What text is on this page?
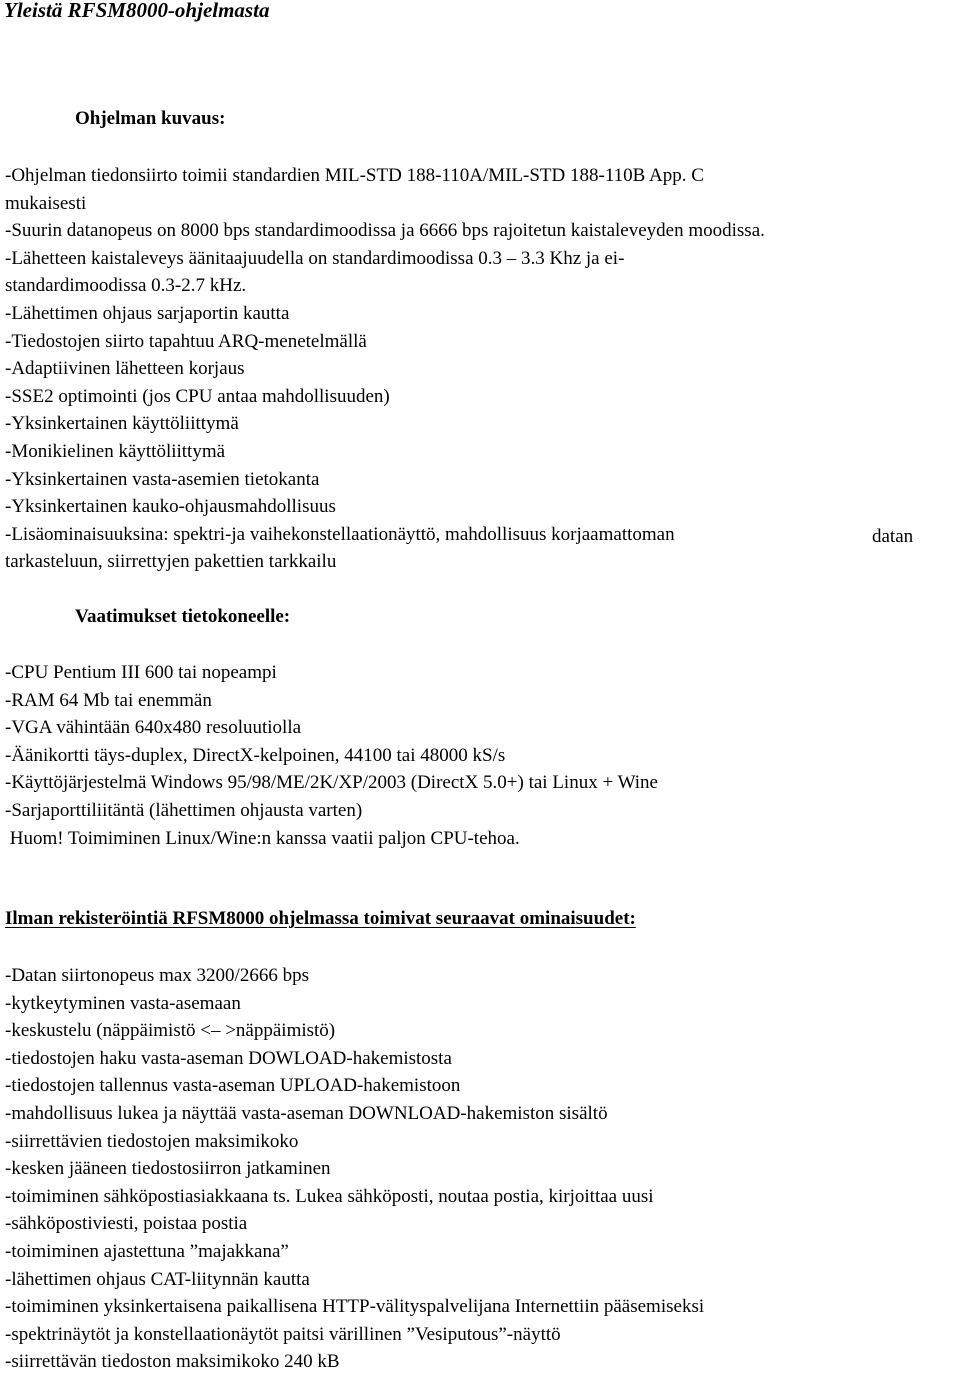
Yleistä RFSM8000-ohjelmasta
Ohjelman kuvaus:
-Ohjelman tiedonsiirto toimii standardien MIL-STD 188-110A/MIL-STD 188-110B App. C
mukaisesti
-Suurin datanopeus on 8000 bps standardimoodissa ja 6666 bps rajoitetun kaistaleveyden moodissa.
-Lähetteen kaistaleveys äänitaajuudella on standardimoodissa 0.3 – 3.3 Khz ja ei-
standardimoodissa 0.3-2.7 kHz.
-Lähettimen ohjaus sarjaportin kautta
-Tiedostojen siirto tapahtuu ARQ-menetelmällä
-Adaptiivinen lähetteen korjaus
-SSE2 optimointi (jos CPU antaa mahdollisuuden)
-Yksinkertainen käyttöliittymä
-Monikielinen käyttöliittymä
-Yksinkertainen vasta-asemien tietokanta
-Yksinkertainen kauko-ohjausmahdollisuus
-Lisäominaisuuksina: spektri-ja vaihekonstellaationäyttö, mahdollisuus korjaamattoman
tarkasteluun, siirrettyjen pakettien tarkkailu
datan
Vaatimukset tietokoneelle:
-CPU Pentium III 600 tai nopeampi
-RAM 64 Mb tai enemmän
-VGA vähintään 640x480 resoluutiolla
-Äänikortti täys-duplex, DirectX-kelpoinen, 44100 tai 48000 kS/s
-Käyttöjärjestelmä Windows 95/98/ME/2K/XP/2003 (DirectX 5.0+) tai Linux + Wine
-Sarjaporttiliitäntä (lähettimen ohjausta varten)
Huom! Toimiminen Linux/Wine:n kanssa vaatii paljon CPU-tehoa.
Ilman rekisteröintiä RFSM8000 ohjelmassa toimivat seuraavat ominaisuudet:
-Datan siirtonopeus max 3200/2666 bps
-kytkeytyminen vasta-asemaan
-keskustelu (näppäimistö <– >näppäimistö)
-tiedostojen haku vasta-aseman DOWLOAD-hakemistosta
-tiedostojen tallennus vasta-aseman UPLOAD-hakemistoon
-mahdollisuus lukea ja näyttää vasta-aseman DOWNLOAD-hakemiston sisältö
-siirrettävien tiedostojen maksimikoko
-kesken jääneen tiedostosiirron jatkaminen
-toimiminen sähköpostiasiakkaana ts. Lukea sähköposti, noutaa postia, kirjoittaa uusi
-sähköpostiviesti, poistaa postia
-toimiminen ajastettuna ”majakkana”
-lähettimen ohjaus CAT-liitynnän kautta
-toimiminen yksinkertaisena paikallisena HTTP-välityspalvelijana Internettiin pääsemiseksi
-spektrinäytöt ja konstellaationäytöt paitsi värillinen ”Vesiputous”-näyttö
-siirrettävän tiedoston maksimikoko 240 kB
